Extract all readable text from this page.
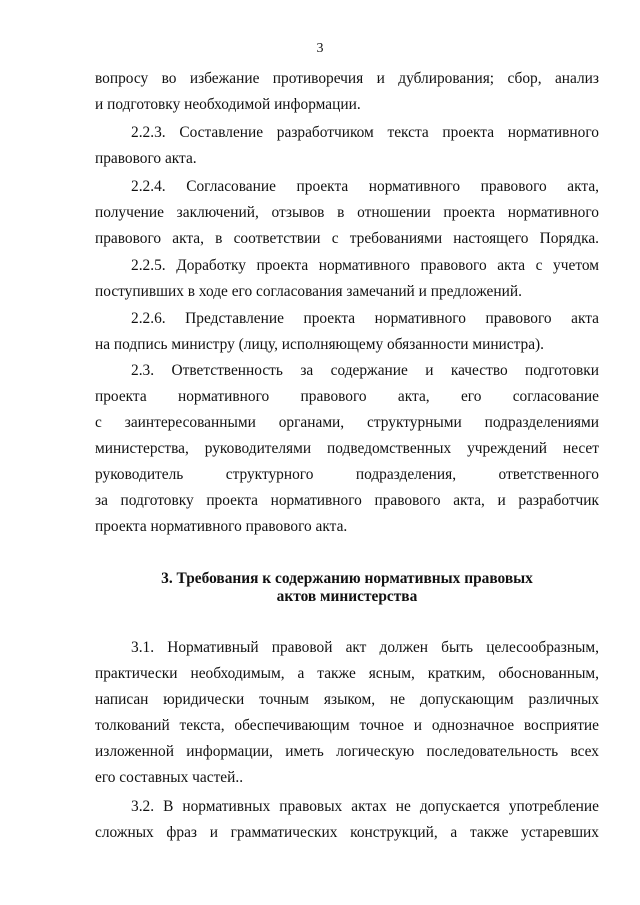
3
вопросу во избежание противоречия и дублирования; сбор, анализ
и подготовку необходимой информации.
2.2.3. Составление разработчиком текста проекта нормативного
правового акта.
2.2.4. Согласование проекта нормативного правового акта,
получение заключений, отзывов в отношении проекта нормативного
правового акта, в соответствии с требованиями настоящего Порядка.
2.2.5. Доработку проекта нормативного правового акта с учетом
поступивших в ходе его согласования замечаний и предложений.
2.2.6. Представление проекта нормативного правового акта
на подпись министру (лицу, исполняющему обязанности министра).
2.3. Ответственность за содержание и качество подготовки
проекта нормативного правового акта, его согласование
с заинтересованными органами, структурными подразделениями
министерства, руководителями подведомственных учреждений несет
руководитель структурного подразделения, ответственного
за подготовку проекта нормативного правового акта, и разработчик
проекта нормативного правового акта.
3. Требования к содержанию нормативных правовых
актов министерства
3.1. Нормативный правовой акт должен быть целесообразным,
практически необходимым, а также ясным, кратким, обоснованным,
написан юридически точным языком, не допускающим различных
толкований текста, обеспечивающим точное и однозначное восприятие
изложенной информации, иметь логическую последовательность всех
его составных частей..
3.2. В нормативных правовых актах не допускается употребление
сложных фраз и грамматических конструкций, а также устаревших
